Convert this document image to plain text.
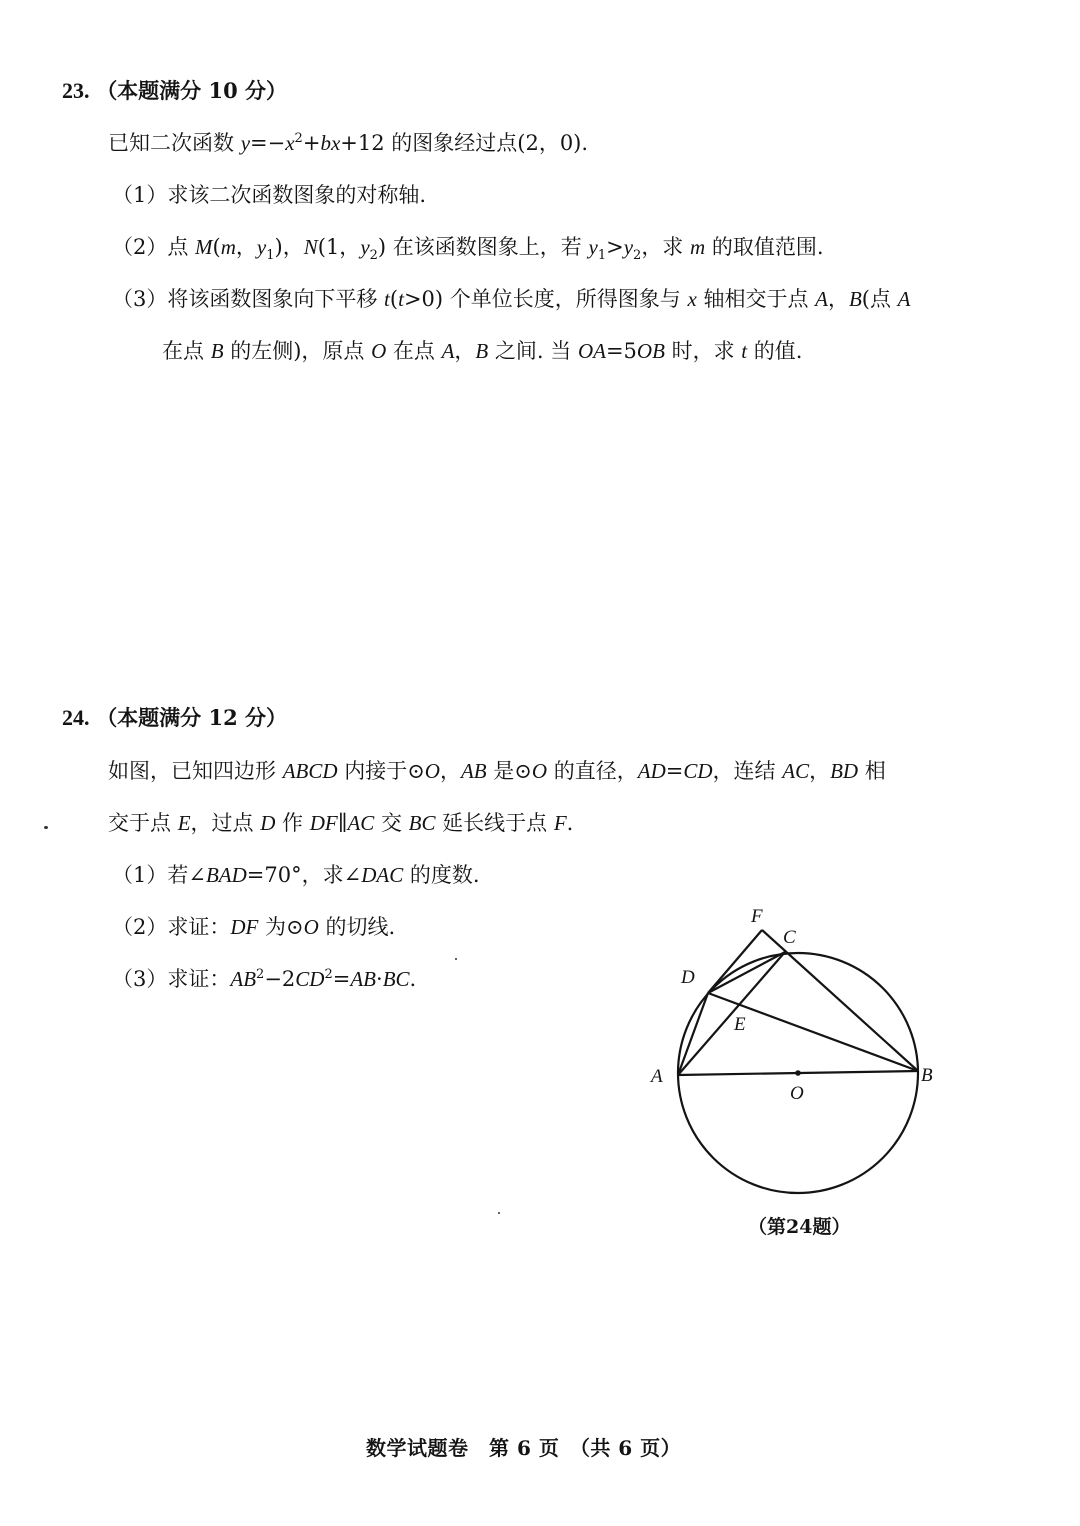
23. （本题满分 10 分）
已知二次函数 $y=-x^2+bx+12$ 的图象经过点(2，0).
（1）求该二次函数图象的对称轴.
（2）点 M(m，$y_1$)，N(1，$y_2$) 在该函数图象上，若 $y_1>y_2$，求 m 的取值范围.
（3）将该函数图象向下平移 t(t>0) 个单位长度，所得图象与 x 轴相交于点 A，B(点 A
在点 B 的左侧)，原点 O 在点 A，B 之间. 当 OA=5OB 时，求 t 的值.
24. （本题满分 12 分）
如图，已知四边形 ABCD 内接于⊙O，AB 是⊙O 的直径，AD=CD，连结 AC，BD 相
交于点 E，过点 D 作 DF∥AC 交 BC 延长线于点 F.
（1）若∠BAD=70°，求∠DAC 的度数.
（2）求证：DF 为⊙O 的切线.
（3）求证：$AB^2-2CD^2=AB\cdot BC$.
F
C
D
E
A
O
B
（第24题）
数学试题卷　第 6 页　（共 6 页）
